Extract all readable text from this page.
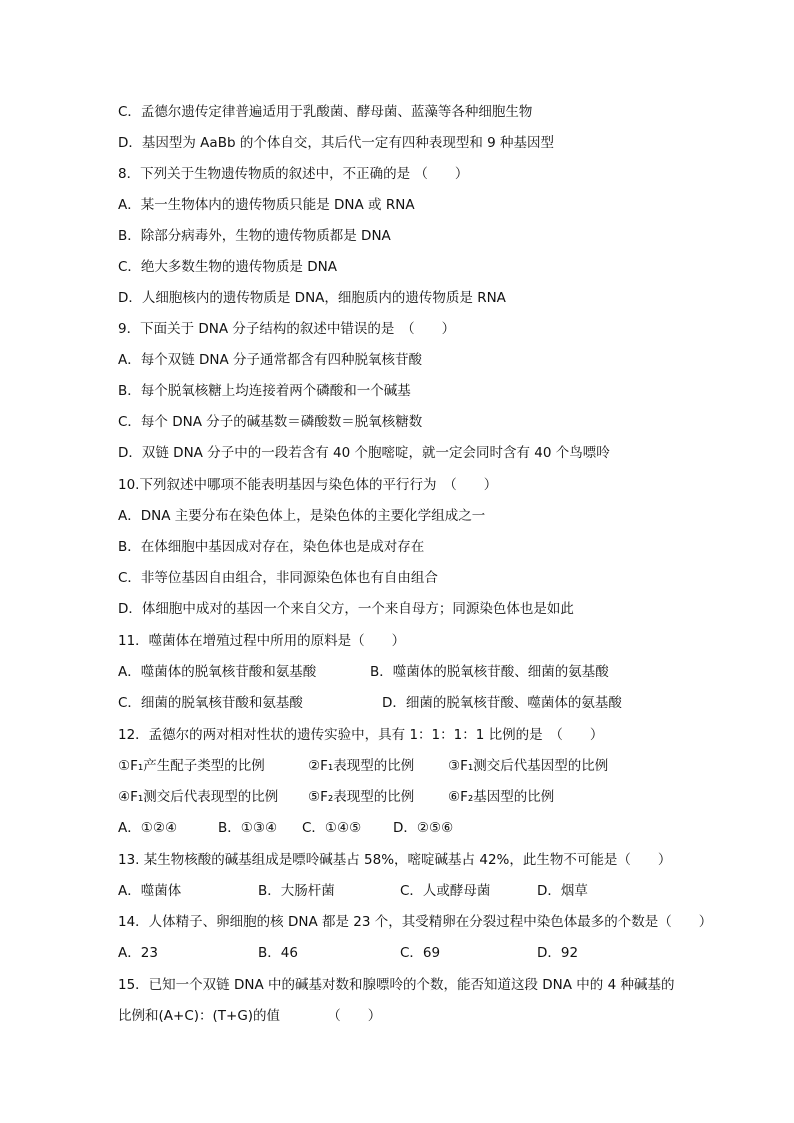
C．孟德尔遗传定律普遍适用于乳酸菌、酵母菌、蓝藻等各种细胞生物
D．基因型为 AaBb 的个体自交，其后代一定有四种表现型和 9 种基因型
8．下列关于生物遗传物质的叙述中，不正确的是 （　　）
A．某一生物体内的遗传物质只能是 DNA 或 RNA
B．除部分病毒外，生物的遗传物质都是 DNA
C．绝大多数生物的遗传物质是 DNA
D．人细胞核内的遗传物质是 DNA，细胞质内的遗传物质是 RNA
9．下面关于 DNA 分子结构的叙述中错误的是　（　　）
A．每个双链 DNA 分子通常都含有四种脱氧核苷酸
B．每个脱氧核糖上均连接着两个磷酸和一个碱基
C．每个 DNA 分子的碱基数＝磷酸数＝脱氧核糖数
D．双链 DNA 分子中的一段若含有 40 个胞嘧啶，就一定会同时含有 40 个鸟嘌呤
10.下列叙述中哪项不能表明基因与染色体的平行行为　（　　）
A．DNA 主要分布在染色体上，是染色体的主要化学组成之一
B．在体细胞中基因成对存在，染色体也是成对存在
C．非等位基因自由组合，非同源染色体也有自由组合
D．体细胞中成对的基因一个来自父方，一个来自母方；同源染色体也是如此
11．噬菌体在增殖过程中所用的原料是（　　）
A．噬菌体的脱氧核苷酸和氨基酸	B．噬菌体的脱氧核苷酸、细菌的氨基酸
C．细菌的脱氧核苷酸和氨基酸	D．细菌的脱氧核苷酸、噬菌体的氨基酸
12．孟德尔的两对相对性状的遗传实验中，具有 1：1：1：1 比例的是　（　　）
①F₁产生配子类型的比例	②F₁表现型的比例 ③F₁测交后代基因型的比例
④F₁测交后代表现型的比例 ⑤F₂表现型的比例 ⑥F₂基因型的比例
A．①②④	B．①③④ C．①④⑤ D．②⑤⑥
13. 某生物核酸的碱基组成是嘌呤碱基占 58%，嘧啶碱基占 42%，此生物不可能是（　　）
A．噬菌体	B．大肠杆菌	C．人或酵母菌	D．烟草
14．人体精子、卵细胞的核 DNA 都是 23 个，其受精卵在分裂过程中染色体最多的个数是（　　）
A．23	B．46	C．69	D．92
15．已知一个双链 DNA 中的碱基对数和腺嘌呤的个数，能否知道这段 DNA 中的 4 种碱基的
比例和(A+C)：(T+G)的值　　　　（　　）
